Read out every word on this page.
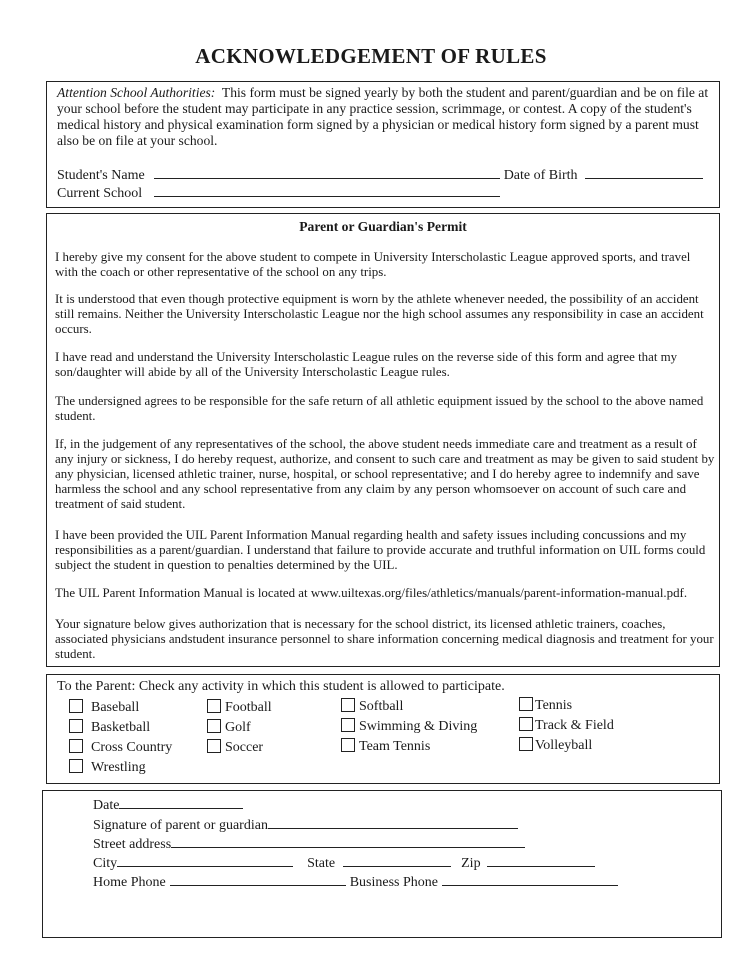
ACKNOWLEDGEMENT OF RULES
Attention School Authorities: This form must be signed yearly by both the student and parent/guardian and be on file at your school before the student may participate in any practice session, scrimmage, or contest. A copy of the student's medical history and physical examination form signed by a physician or medical history form signed by a parent must also be on file at your school.
Student's Name	Date of Birth
Current School
Parent or Guardian's Permit
I hereby give my consent for the above student to compete in University Interscholastic League approved sports, and travel with the coach or other representative of the school on any trips.
It is understood that even though protective equipment is worn by the athlete whenever needed, the possibility of an accident still remains. Neither the University Interscholastic League nor the high school assumes any responsibility in case an accident occurs.
I have read and understand the University Interscholastic League rules on the reverse side of this form and agree that my son/daughter will abide by all of the University Interscholastic League rules.
The undersigned agrees to be responsible for the safe return of all athletic equipment issued by the school to the above named student.
If, in the judgement of any representatives of the school, the above student needs immediate care and treatment as a result of any injury or sickness, I do hereby request, authorize, and consent to such care and treatment as may be given to said student by any physician, licensed athletic trainer, nurse, hospital, or school representative; and I do hereby agree to indemnify and save harmless the school and any school representative from any claim by any person whomsoever on account of such care and treatment of said student.
I have been provided the UIL Parent Information Manual regarding health and safety issues including concussions and my responsibilities as a parent/guardian. I understand that failure to provide accurate and truthful information on UIL forms could subject the student in question to penalties determined by the UIL.
The UIL Parent Information Manual is located at www.uiltexas.org/files/athletics/manuals/parent-information-manual.pdf.
Your signature below gives authorization that is necessary for the school district, its licensed athletic trainers, coaches, associated physicians andstudent insurance personnel to share information concerning medical diagnosis and treatment for your student.
To the Parent: Check any activity in which this student is allowed to participate.
Baseball
Basketball
Cross Country
Wrestling
Football
Golf
Soccer
Softball
Swimming & Diving
Team Tennis
Tennis
Track & Field
Volleyball
Date
Signature of parent or guardian
Street address
City	State	Zip
Home Phone	Business Phone
